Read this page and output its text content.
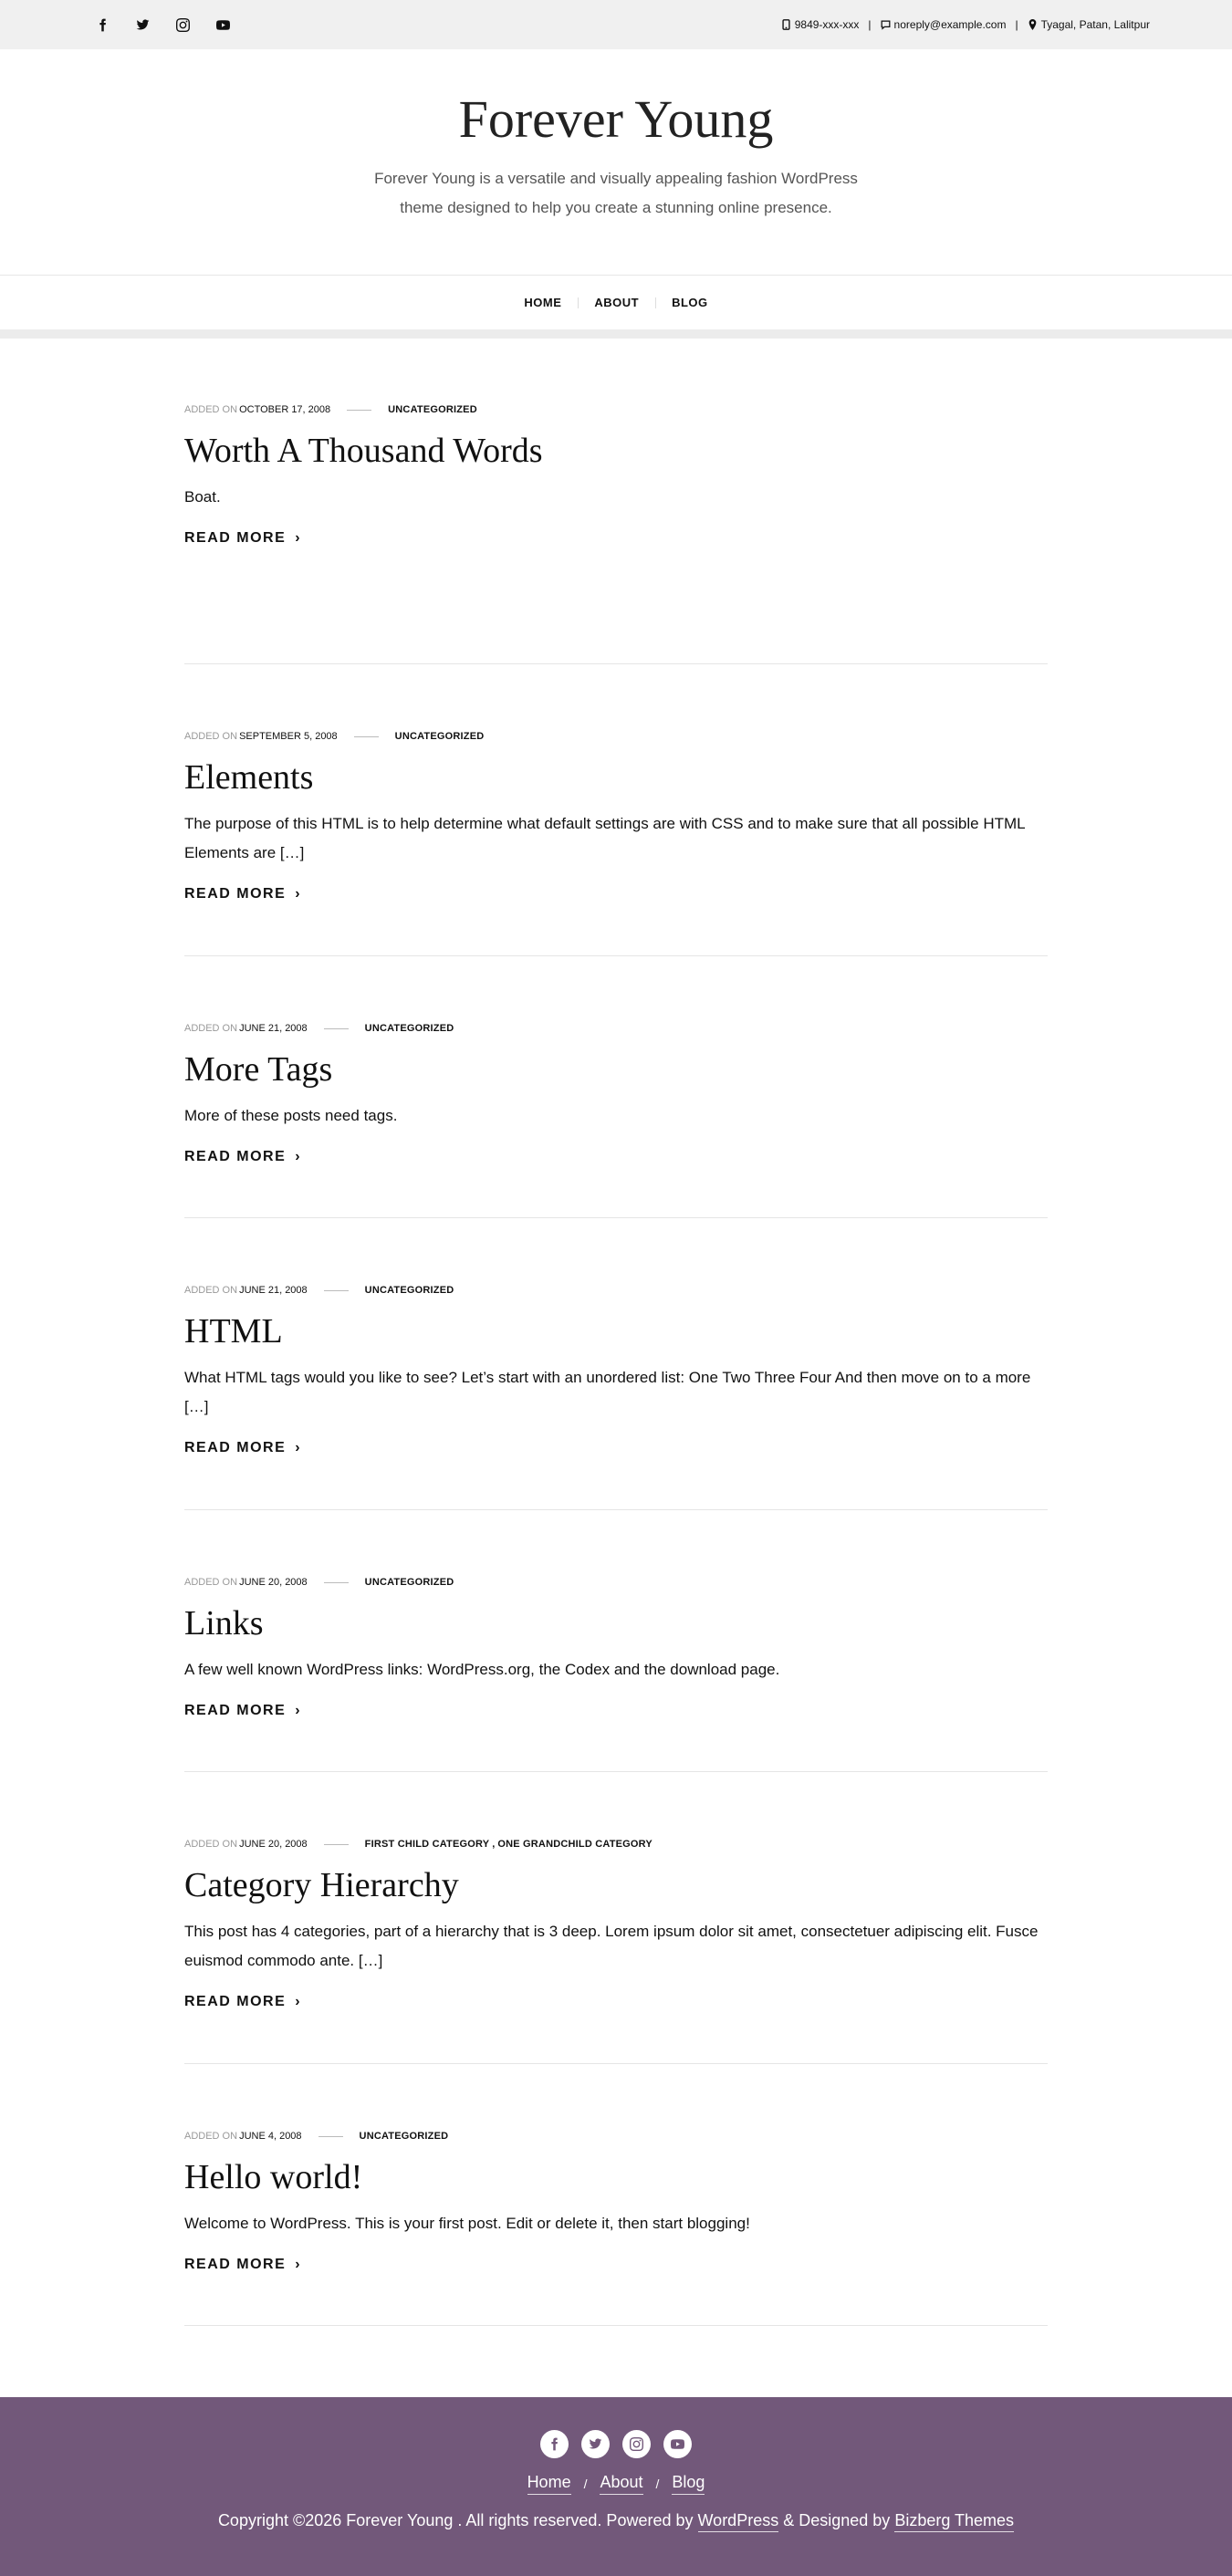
9849-xxx-xxx | noreply@example.com | Tyagal, Patan, Lalitpur
Forever Young

Forever Young is a versatile and visually appealing fashion WordPress theme designed to help you create a stunning online presence.

HOME	ABOUT	BLOG
ADDED ON OCTOBER 17, 2008	UNCATEGORIZED
Worth A Thousand Words

Boat.

READ MORE ›
ADDED ON SEPTEMBER 5, 2008	UNCATEGORIZED
Elements

The purpose of this HTML is to help determine what default settings are with CSS and to make sure that all possible HTML Elements are […]

READ MORE ›
ADDED ON JUNE 21, 2008	UNCATEGORIZED
More Tags

More of these posts need tags.

READ MORE ›
ADDED ON JUNE 21, 2008	UNCATEGORIZED
HTML

What HTML tags would you like to see? Let’s start with an unordered list: One Two Three Four And then move on to a more […]

READ MORE ›
ADDED ON JUNE 20, 2008	UNCATEGORIZED
Links

A few well known WordPress links: WordPress.org, the Codex and the download page.

READ MORE ›
ADDED ON JUNE 20, 2008	FIRST CHILD CATEGORY , ONE GRANDCHILD CATEGORY
Category Hierarchy

This post has 4 categories, part of a hierarchy that is 3 deep. Lorem ipsum dolor sit amet, consectetuer adipiscing elit. Fusce euismod commodo ante. […]

READ MORE ›
ADDED ON JUNE 4, 2008	UNCATEGORIZED
Hello world!

Welcome to WordPress. This is your first post. Edit or delete it, then start blogging!

READ MORE ›
Home / About / Blog

Copyright ©2026 Forever Young . All rights reserved. Powered by WordPress & Designed by Bizberg Themes
